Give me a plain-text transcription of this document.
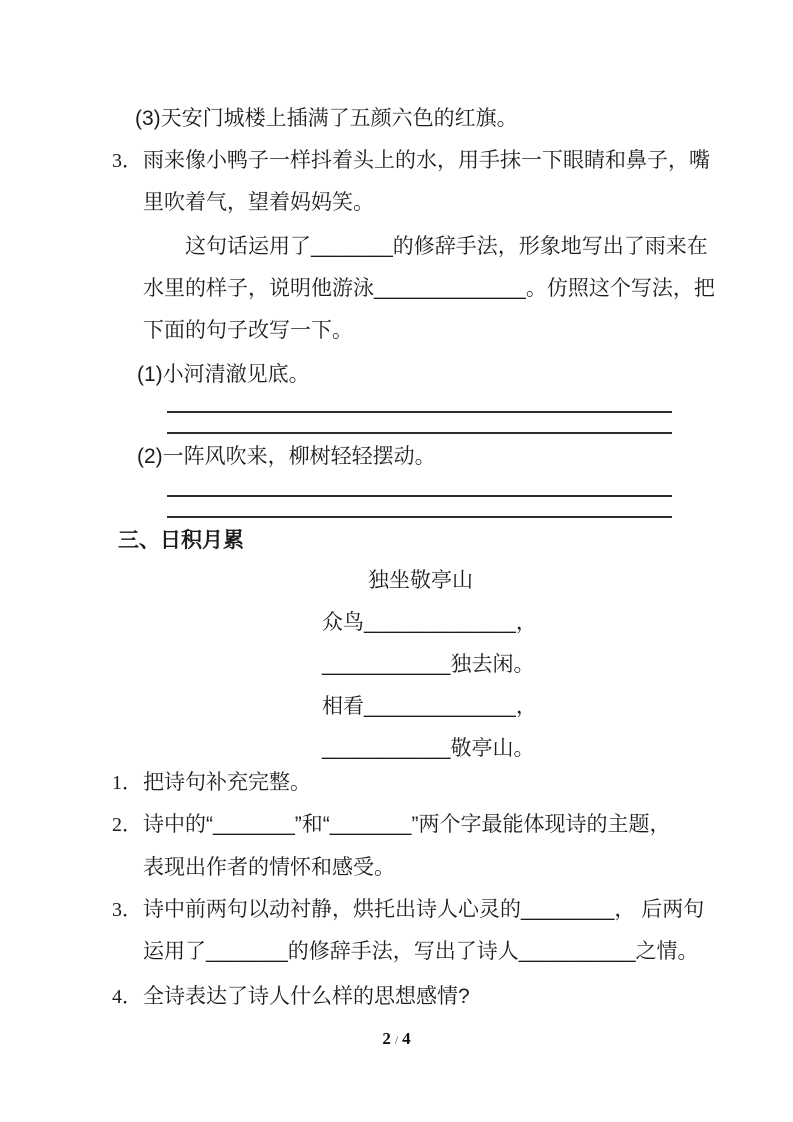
(3)天安门城楼上插满了五颜六色的红旗。
3．雨来像小鸭子一样抖着头上的水，用手抹一下眼睛和鼻子，嘴
里吹着气，望着妈妈笑。
这句话运用了_______的修辞手法，形象地写出了雨来在
水里的样子，说明他游泳_____________。仿照这个写法，把
下面的句子改写一下。
(1)小河清澈见底。
(2)一阵风吹来，柳树轻轻摆动。
三、日积月累
独坐敬亭山
众鸟_____________，
___________独去闲。
相看_____________，
___________敬亭山。
1．把诗句补充完整。
2．诗中的“_______”和“_______”两个字最能体现诗的主题，
表现出作者的情怀和感受。
3．诗中前两句以动衬静，烘托出诗人心灵的________， 后两句
运用了_______的修辞手法，写出了诗人__________之情。
4．全诗表达了诗人什么样的思想感情?
2 / 4
